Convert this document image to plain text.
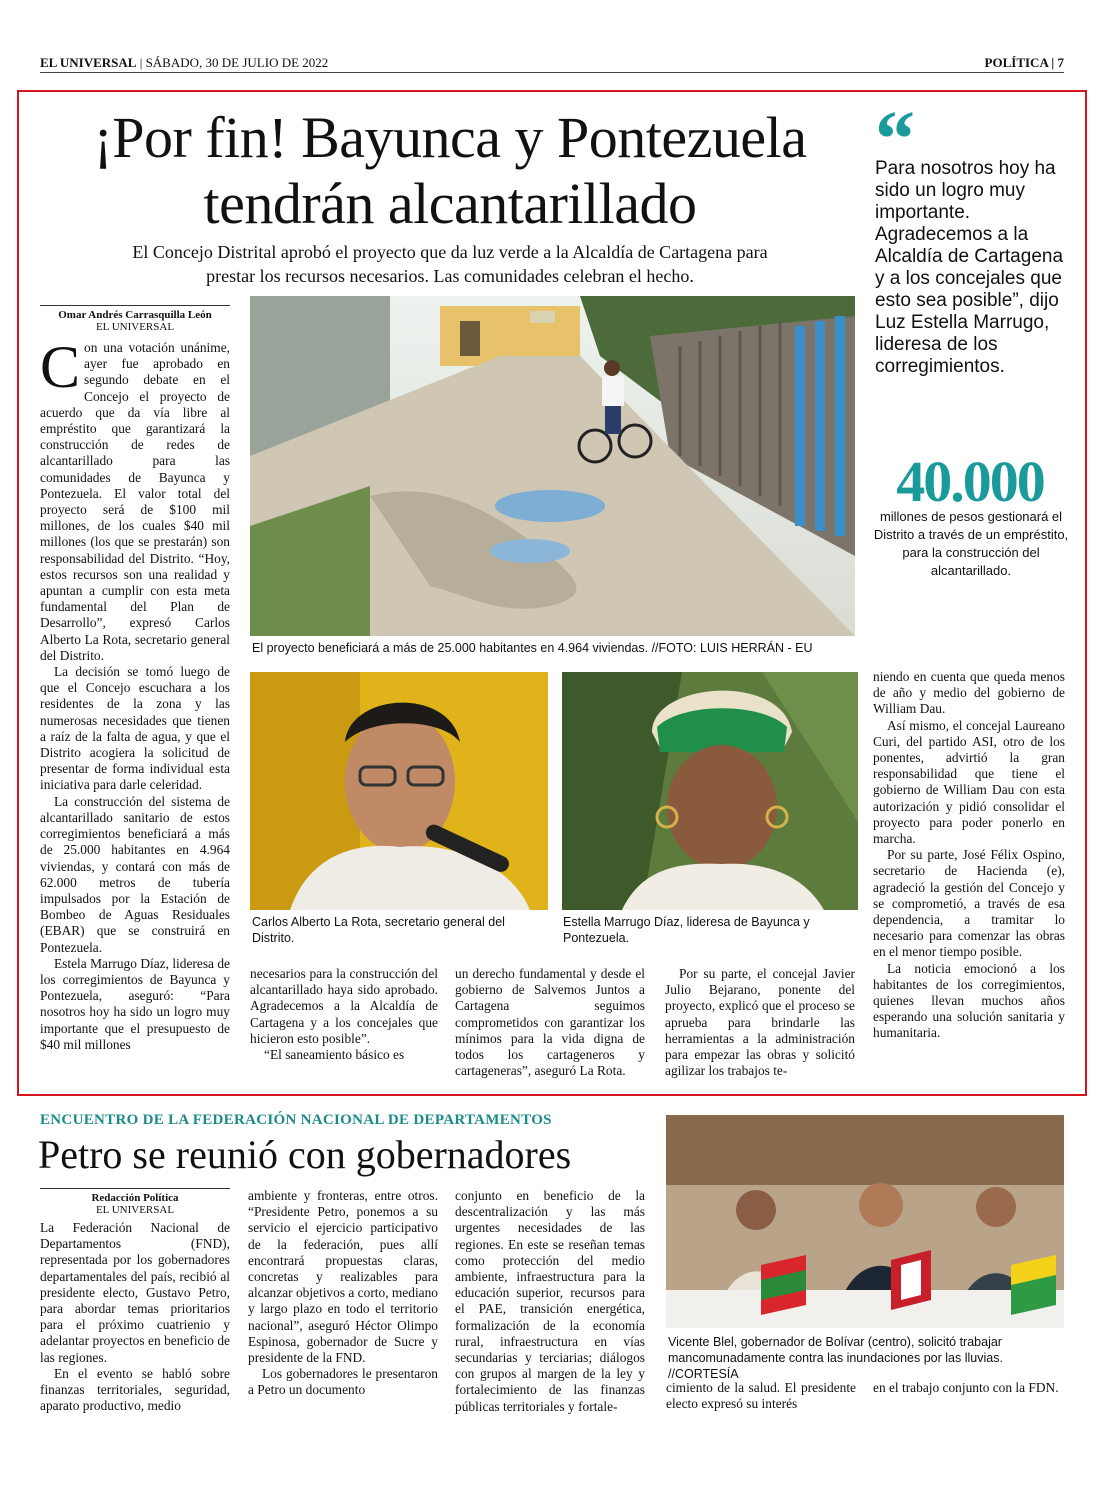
EL UNIVERSAL | SÁBADO, 30 DE JULIO DE 2022	POLÍTICA | 7
¡Por fin! Bayunca y Pontezuela tendrán alcantarillado
El Concejo Distrital aprobó el proyecto que da luz verde a la Alcaldía de Cartagena para prestar los recursos necesarios. Las comunidades celebran el hecho.
“
Para nosotros hoy ha sido un logro muy importante. Agradecemos a la Alcaldía de Cartagena y a los concejales que esto sea posible”, dijo Luz Estella Marrugo, lideresa de los corregimientos.
40.000
millones de pesos gestionará el Distrito a través de un empréstito, para la construcción del alcantarillado.
Omar Andrés Carrasquilla León
EL UNIVERSAL

Con una votación unánime, ayer fue aprobado en segundo debate en el Concejo el proyecto de acuerdo que da vía libre al empréstito que garantizará la construcción de redes de alcantarillado para las comunidades de Bayunca y Pontezuela. El valor total del proyecto será de $100 mil millones, de los cuales $40 mil millones (los que se prestarán) son responsabilidad del Distrito. “Hoy, estos recursos son una realidad y apuntan a cumplir con esta meta fundamental del Plan de Desarrollo”, expresó Carlos Alberto La Rota, secretario general del Distrito.

La decisión se tomó luego de que el Concejo escuchara a los residentes de la zona y las numerosas necesidades que tienen a raíz de la falta de agua, y que el Distrito acogiera la solicitud de presentar de forma individual esta iniciativa para darle celeridad.

La construcción del sistema de alcantarillado sanitario de estos corregimientos beneficiará a más de 25.000 habitantes en 4.964 viviendas, y contará con más de 62.000 metros de tubería impulsados por la Estación de Bombeo de Aguas Residuales (EBAR) que se construirá en Pontezuela.

Estela Marrugo Díaz, lideresa de los corregimientos de Bayunca y Pontezuela, aseguró: “Para nosotros hoy ha sido un logro muy importante que el presupuesto de $40 mil millones

El proyecto beneficiará a más de 25.000 habitantes en 4.964 viviendas. //FOTO: LUIS HERRÁN - EU
Carlos Alberto La Rota, secretario general del Distrito.
Estella Marrugo Díaz, lideresa de Bayunca y Pontezuela.

necesarios para la construcción del alcantarillado haya sido aprobado. Agradecemos a la Alcaldía de Cartagena y a los concejales que hicieron esto posible”.

“El saneamiento básico es

un derecho fundamental y desde el gobierno de Salvemos Juntos a Cartagena seguimos comprometidos con garantizar los mínimos para la vida digna de todos los cartageneros y cartageneras”, aseguró La Rota.

Por su parte, el concejal Javier Julio Bejarano, ponente del proyecto, explicó que el proceso se aprueba para brindarle las herramientas a la administración para empezar las obras y solicitó agilizar los trabajos te-

niendo en cuenta que queda menos de año y medio del gobierno de William Dau.

Así mismo, el concejal Laureano Curi, del partido ASI, otro de los ponentes, advirtió la gran responsabilidad que tiene el gobierno de William Dau con esta autorización y pidió consolidar el proyecto para poder ponerlo en marcha.

Por su parte, José Félix Ospino, secretario de Hacienda (e), agradeció la gestión del Concejo y se comprometió, a través de esa dependencia, a tramitar lo necesario para comenzar las obras en el menor tiempo posible.

La noticia emocionó a los habitantes de los corregimientos, quienes llevan muchos años esperando una solución sanitaria y humanitaria.

ENCUENTRO DE LA FEDERACIÓN NACIONAL DE DEPARTAMENTOS
Petro se reunió con gobernadores
Redacción Política
EL UNIVERSAL

La Federación Nacional de Departamentos (FND), representada por los gobernadores departamentales del país, recibió al presidente electo, Gustavo Petro, para abordar temas prioritarios para el próximo cuatrienio y adelantar proyectos en beneficio de las regiones.

En el evento se habló sobre finanzas territoriales, seguridad, aparato productivo, medio

ambiente y fronteras, entre otros. “Presidente Petro, ponemos a su servicio el ejercicio participativo de la federación, pues allí encontrará propuestas claras, concretas y realizables para alcanzar objetivos a corto, mediano y largo plazo en todo el territorio nacional”, aseguró Héctor Olimpo Espinosa, gobernador de Sucre y presidente de la FND.

Los gobernadores le presentaron a Petro un documento

conjunto en beneficio de la descentralización y las más urgentes necesidades de las regiones. En este se reseñan temas como protección del medio ambiente, infraestructura para la educación superior, recursos para el PAE, transición energética, formalización de la economía rural, infraestructura en vías secundarias y terciarias; diálogos con grupos al margen de la ley y fortalecimiento de las finanzas públicas territoriales y fortale-

Vicente Blel, gobernador de Bolívar (centro), solicitó trabajar mancomunadamente contra las inundaciones por las lluvias. //CORTESÍA

cimiento de la salud. El presidente electo expresó su interés

en el trabajo conjunto con la FDN.
